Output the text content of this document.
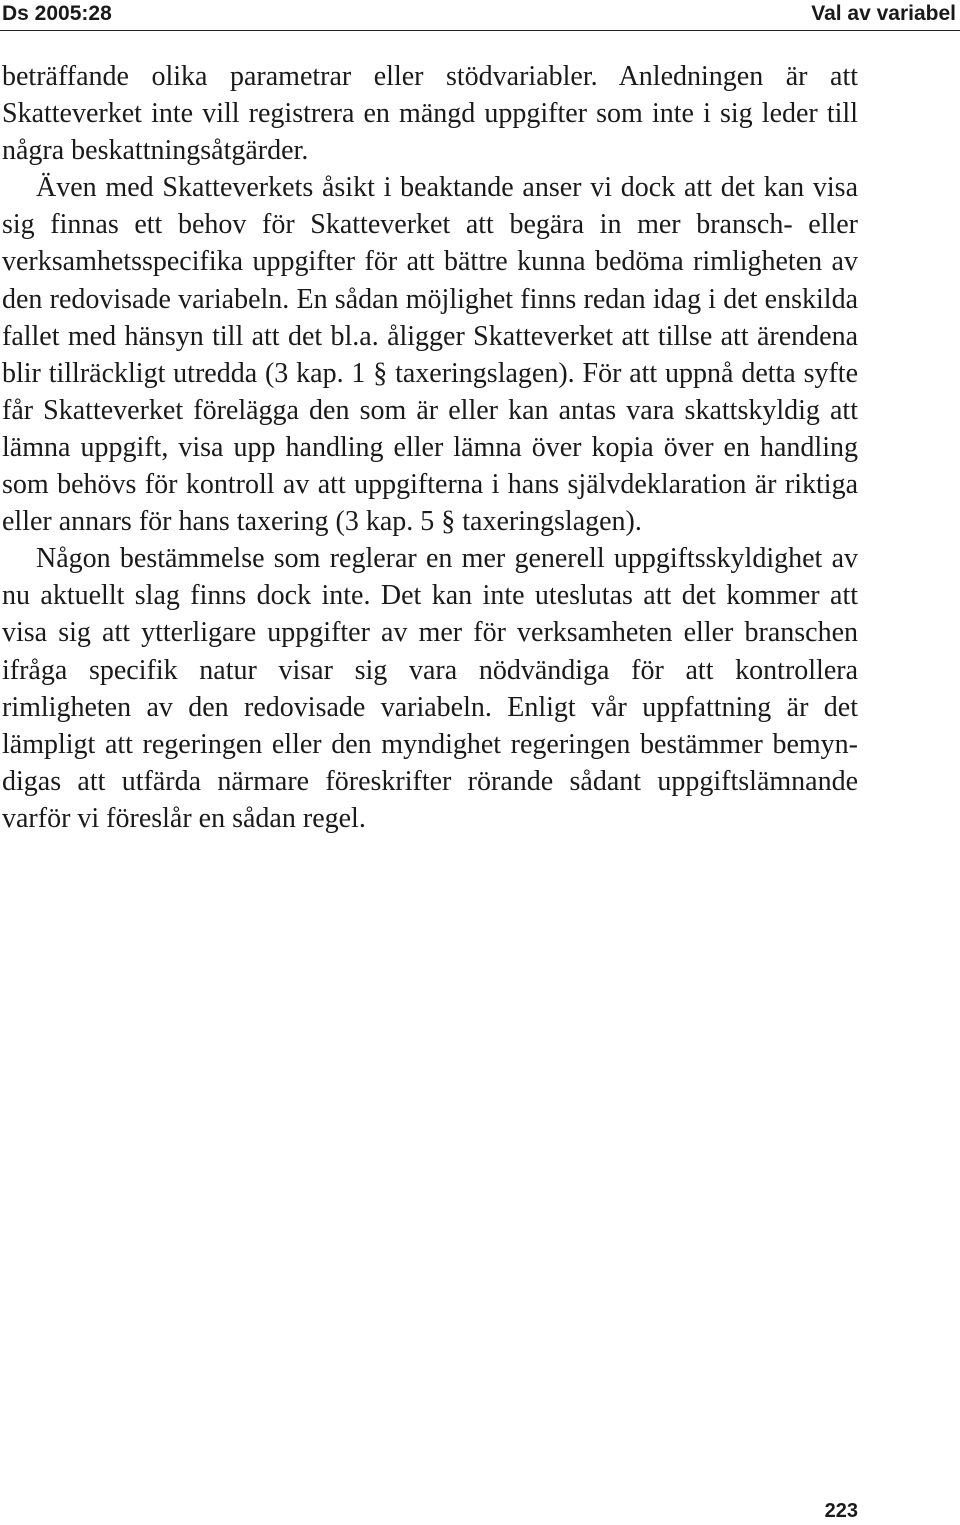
Ds 2005:28	Val av variabel

beträffande olika parametrar eller stödvariabler. Anledningen är att Skatteverket inte vill registrera en mängd uppgifter som inte i sig leder till några beskattningsåtgärder.

Även med Skatteverkets åsikt i beaktande anser vi dock att det kan visa sig finnas ett behov för Skatteverket att begära in mer bransch- eller verksamhetsspecifika uppgifter för att bättre kunna bedöma rimligheten av den redovisade variabeln. En sådan möjlighet finns redan idag i det enskilda fallet med hänsyn till att det bl.a. åligger Skatteverket att tillse att ärendena blir tillräckligt utredda (3 kap. 1 § taxeringslagen). För att uppnå detta syfte får Skatteverket förelägga den som är eller kan antas vara skattskyldig att lämna uppgift, visa upp handling eller lämna över kopia över en handling som behövs för kontroll av att uppgifterna i hans självdeklaration är riktiga eller annars för hans taxering (3 kap. 5 § taxeringslagen).

Någon bestämmelse som reglerar en mer generell uppgiftsskyldighet av nu aktuellt slag finns dock inte. Det kan inte uteslutas att det kommer att visa sig att ytterligare uppgifter av mer för verksamheten eller branschen ifråga specifik natur visar sig vara nödvändiga för att kontrollera rimligheten av den redovisade variabeln. Enligt vår uppfattning är det lämpligt att regeringen eller den myndighet regeringen bestämmer bemyndigas att utfärda närmare föreskrifter rörande sådant uppgiftslämnande varför vi föreslår en sådan regel.

223
